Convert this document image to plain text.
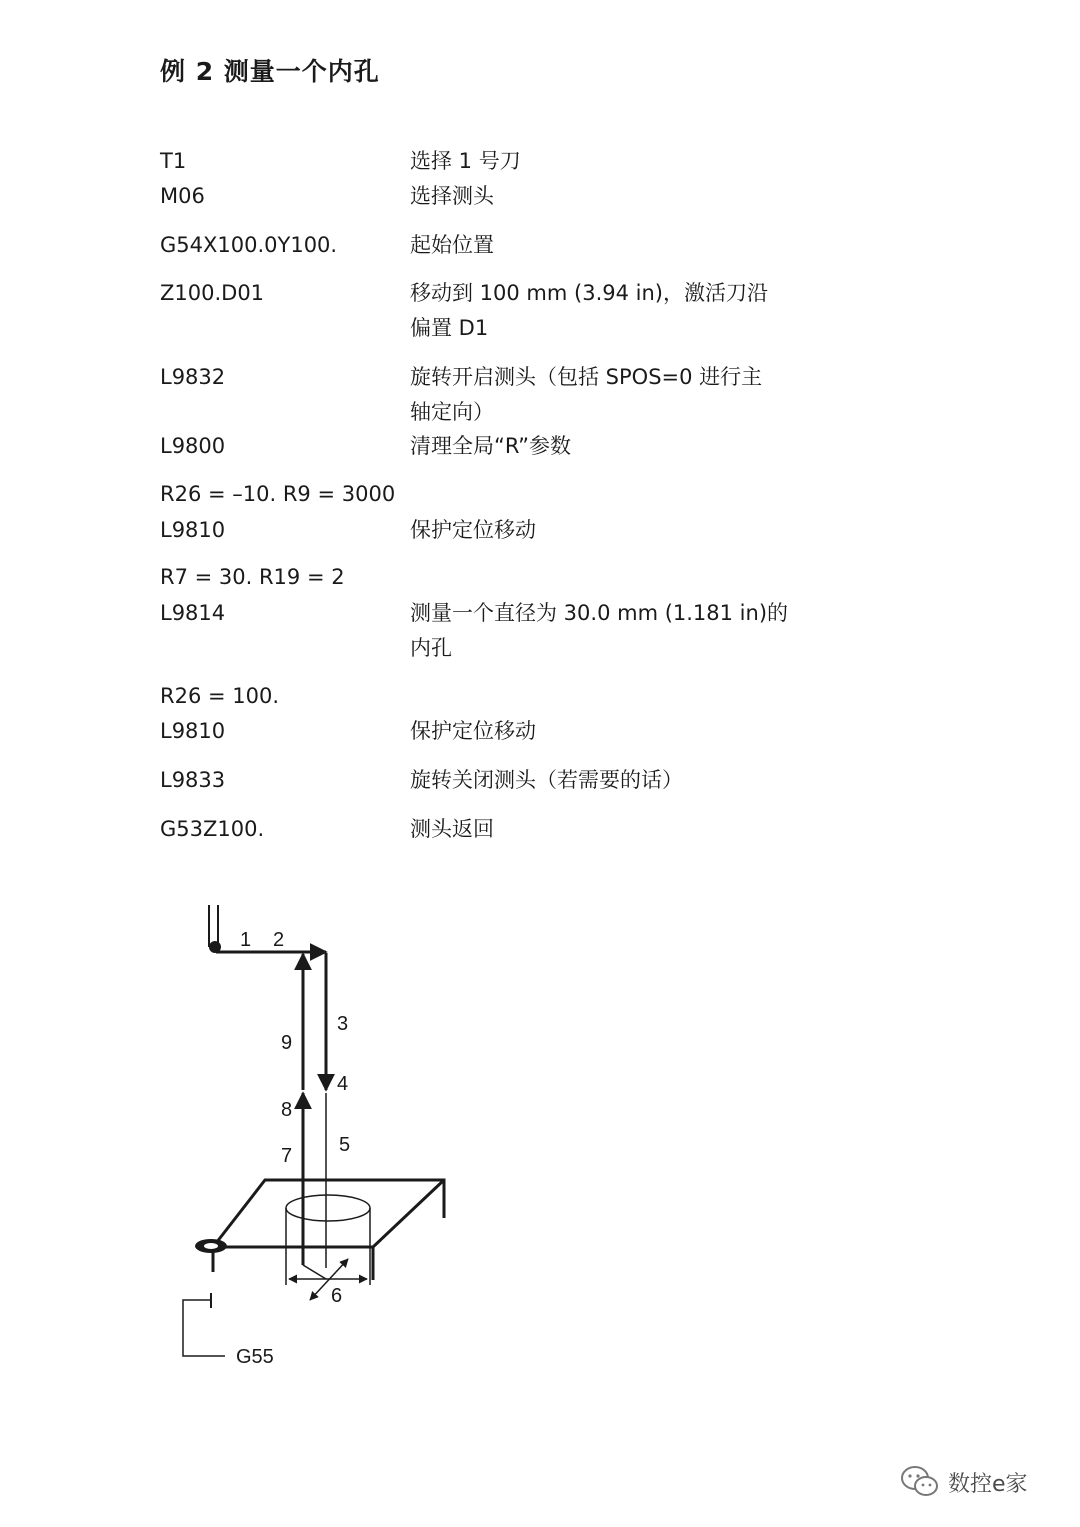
例 2 测量一个内孔
T1	选择 1 号刀
M06	选择测头
G54X100.0Y100.	起始位置
Z100.D01	移动到 100 mm (3.94 in)，激活刀沿
偏置 D1
L9832	旋转开启测头（包括 SPOS=0 进行主
轴定向）
L9800	清理全局“R”参数
R26 = –10. R9 = 3000
L9810	保护定位移动
R7 = 30. R19 = 2
L9814	测量一个直径为 30.0 mm (1.181 in)的
内孔
R26 = 100.
L9810	保护定位移动
L9833	旋转关闭测头（若需要的话）
G53Z100.	测头返回
1 2
3
4
5
6
7
8
9
G55
数控e家
